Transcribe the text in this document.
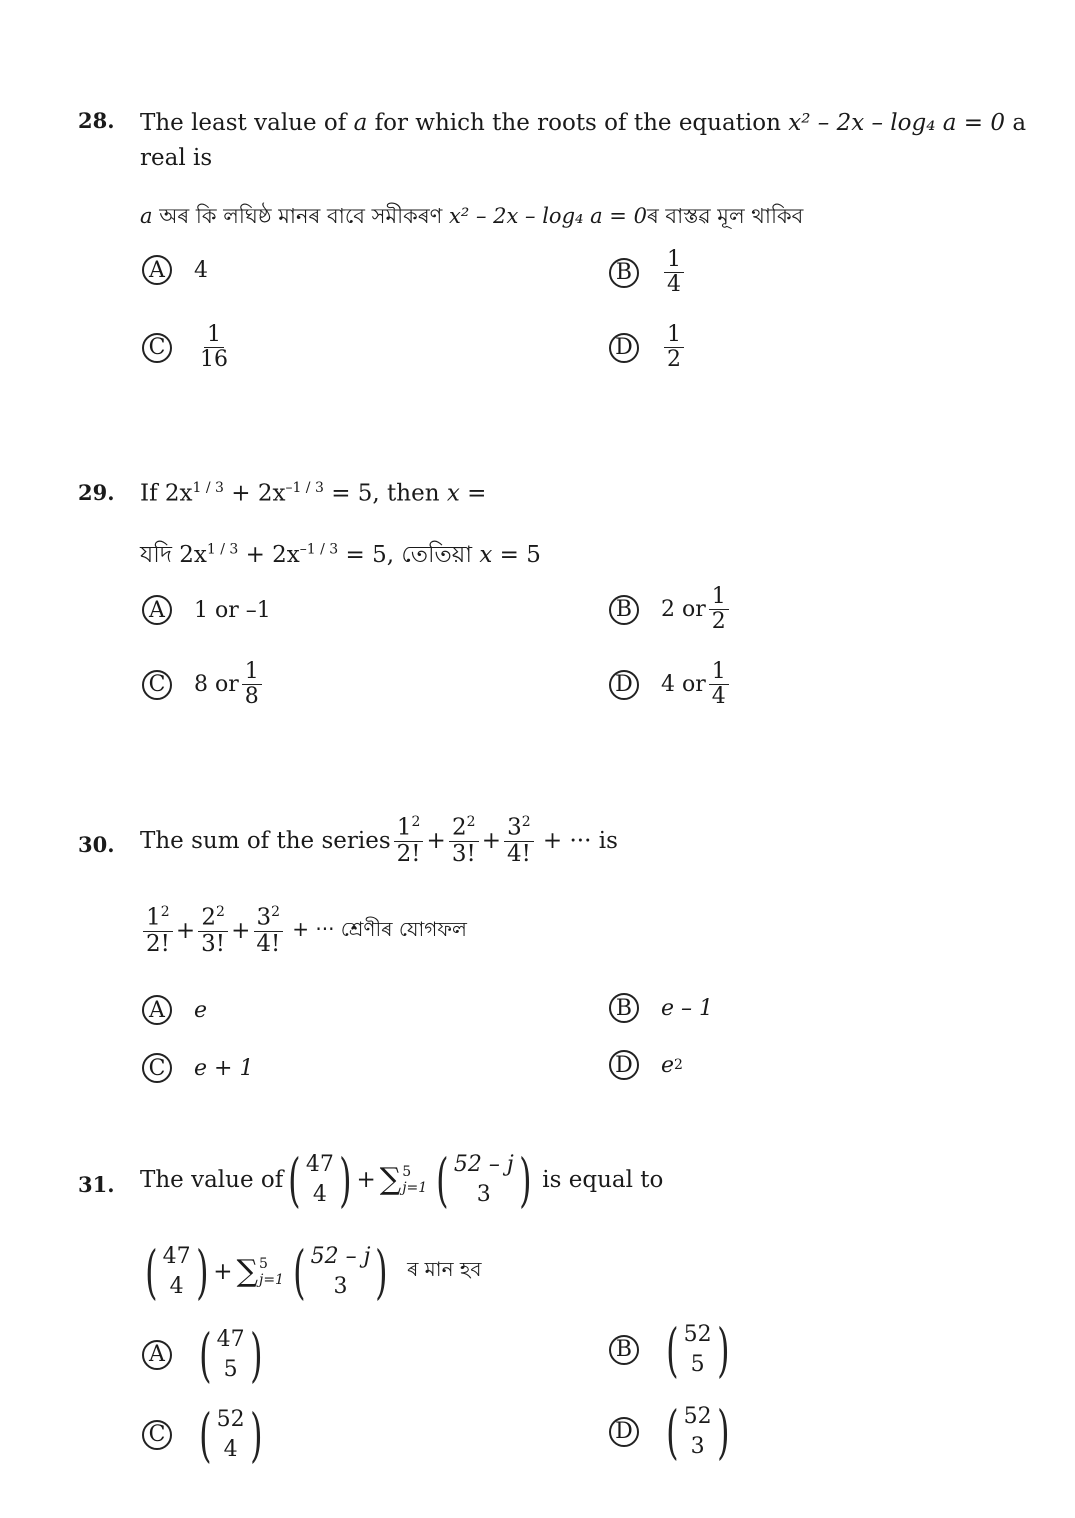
28. The least value of a for which the roots of the equation x² – 2x – log₄ a = 0 a
real is
a অৰ কি লঘিষ্ঠ মানৰ বাবে সমীকৰণ x² – 2x – log₄ a = 0ৰ বাস্তৱ মূল থাকিব
A	4	B	$\frac{1}{4}$
C $\frac{1}{16}$	D $\frac{1}{2}$
29. If $2x^{1 / 3} + 2x^{-1 / 3} = 5$, then x =
যদি $2x^{1 / 3} + 2x^{-1 / 3} = 5$, তেতিয়া x = 5
A	1 or –1	B	2 or $\frac{1}{2}$
C 8 or $\frac{1}{8}$	D 4 or $\frac{1}{4}$
30. The sum of the series $\frac{1^2}{2!} + \frac{2^2}{3!} + \frac{3^2}{4!}$ + ··· is
$\frac{1^2}{2!} + \frac{2^2}{3!} + \frac{3^2}{4!}$ + ··· শ্ৰেণীৰ যোগফল
A	e	B	e – 1
C e + 1	D e 2
31. The value of ( 47
4 ) + ∑ 5
j=1 ( 52 – j
3 ) is equal to
( 47
4 ) + ∑ 5
j=1 ( 52 – j
3 ) ৰ মান হব
A ( 47
5 )	B ( 52
5 )
C ( 52
4 )	D ( 52
3 )
